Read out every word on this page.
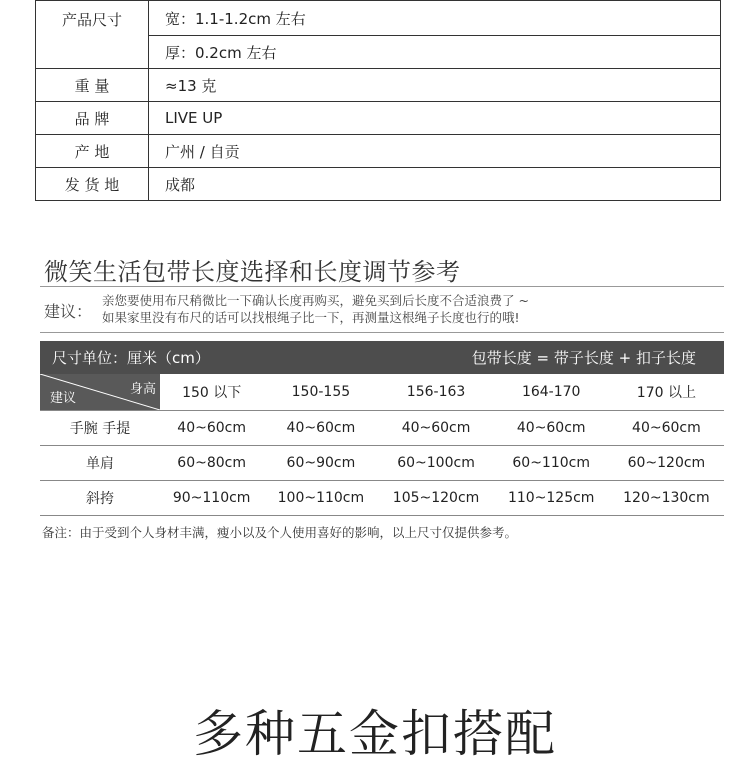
产品尺寸	宽：1.1-1.2cm 左右
	厚：0.2cm 左右
重 量	≈13 克
品 牌	LIVE UP
产 地	广州 / 自贡
发 货 地	成都
微笑生活包带长度选择和长度调节参考
建议：
亲您要使用布尺稍微比一下确认长度再购买，避免买到后长度不合适浪费了 ~
如果家里没有布尺的话可以找根绳子比一下，再测量这根绳子长度也行的哦!
尺寸单位：厘米（cm）	包带长度 = 带子长度 + 扣子长度
身高
建议	150 以下	150-155	156-163	164-170	170 以上
手腕 手提	40~60cm	40~60cm	40~60cm	40~60cm	40~60cm
单肩	60~80cm	60~90cm	60~100cm	60~110cm	60~120cm
斜挎	90~110cm	100~110cm	105~120cm	110~125cm	120~130cm
备注：由于受到个人身材丰满，瘦小以及个人使用喜好的影响，以上尺寸仅提供参考。
多种五金扣搭配
